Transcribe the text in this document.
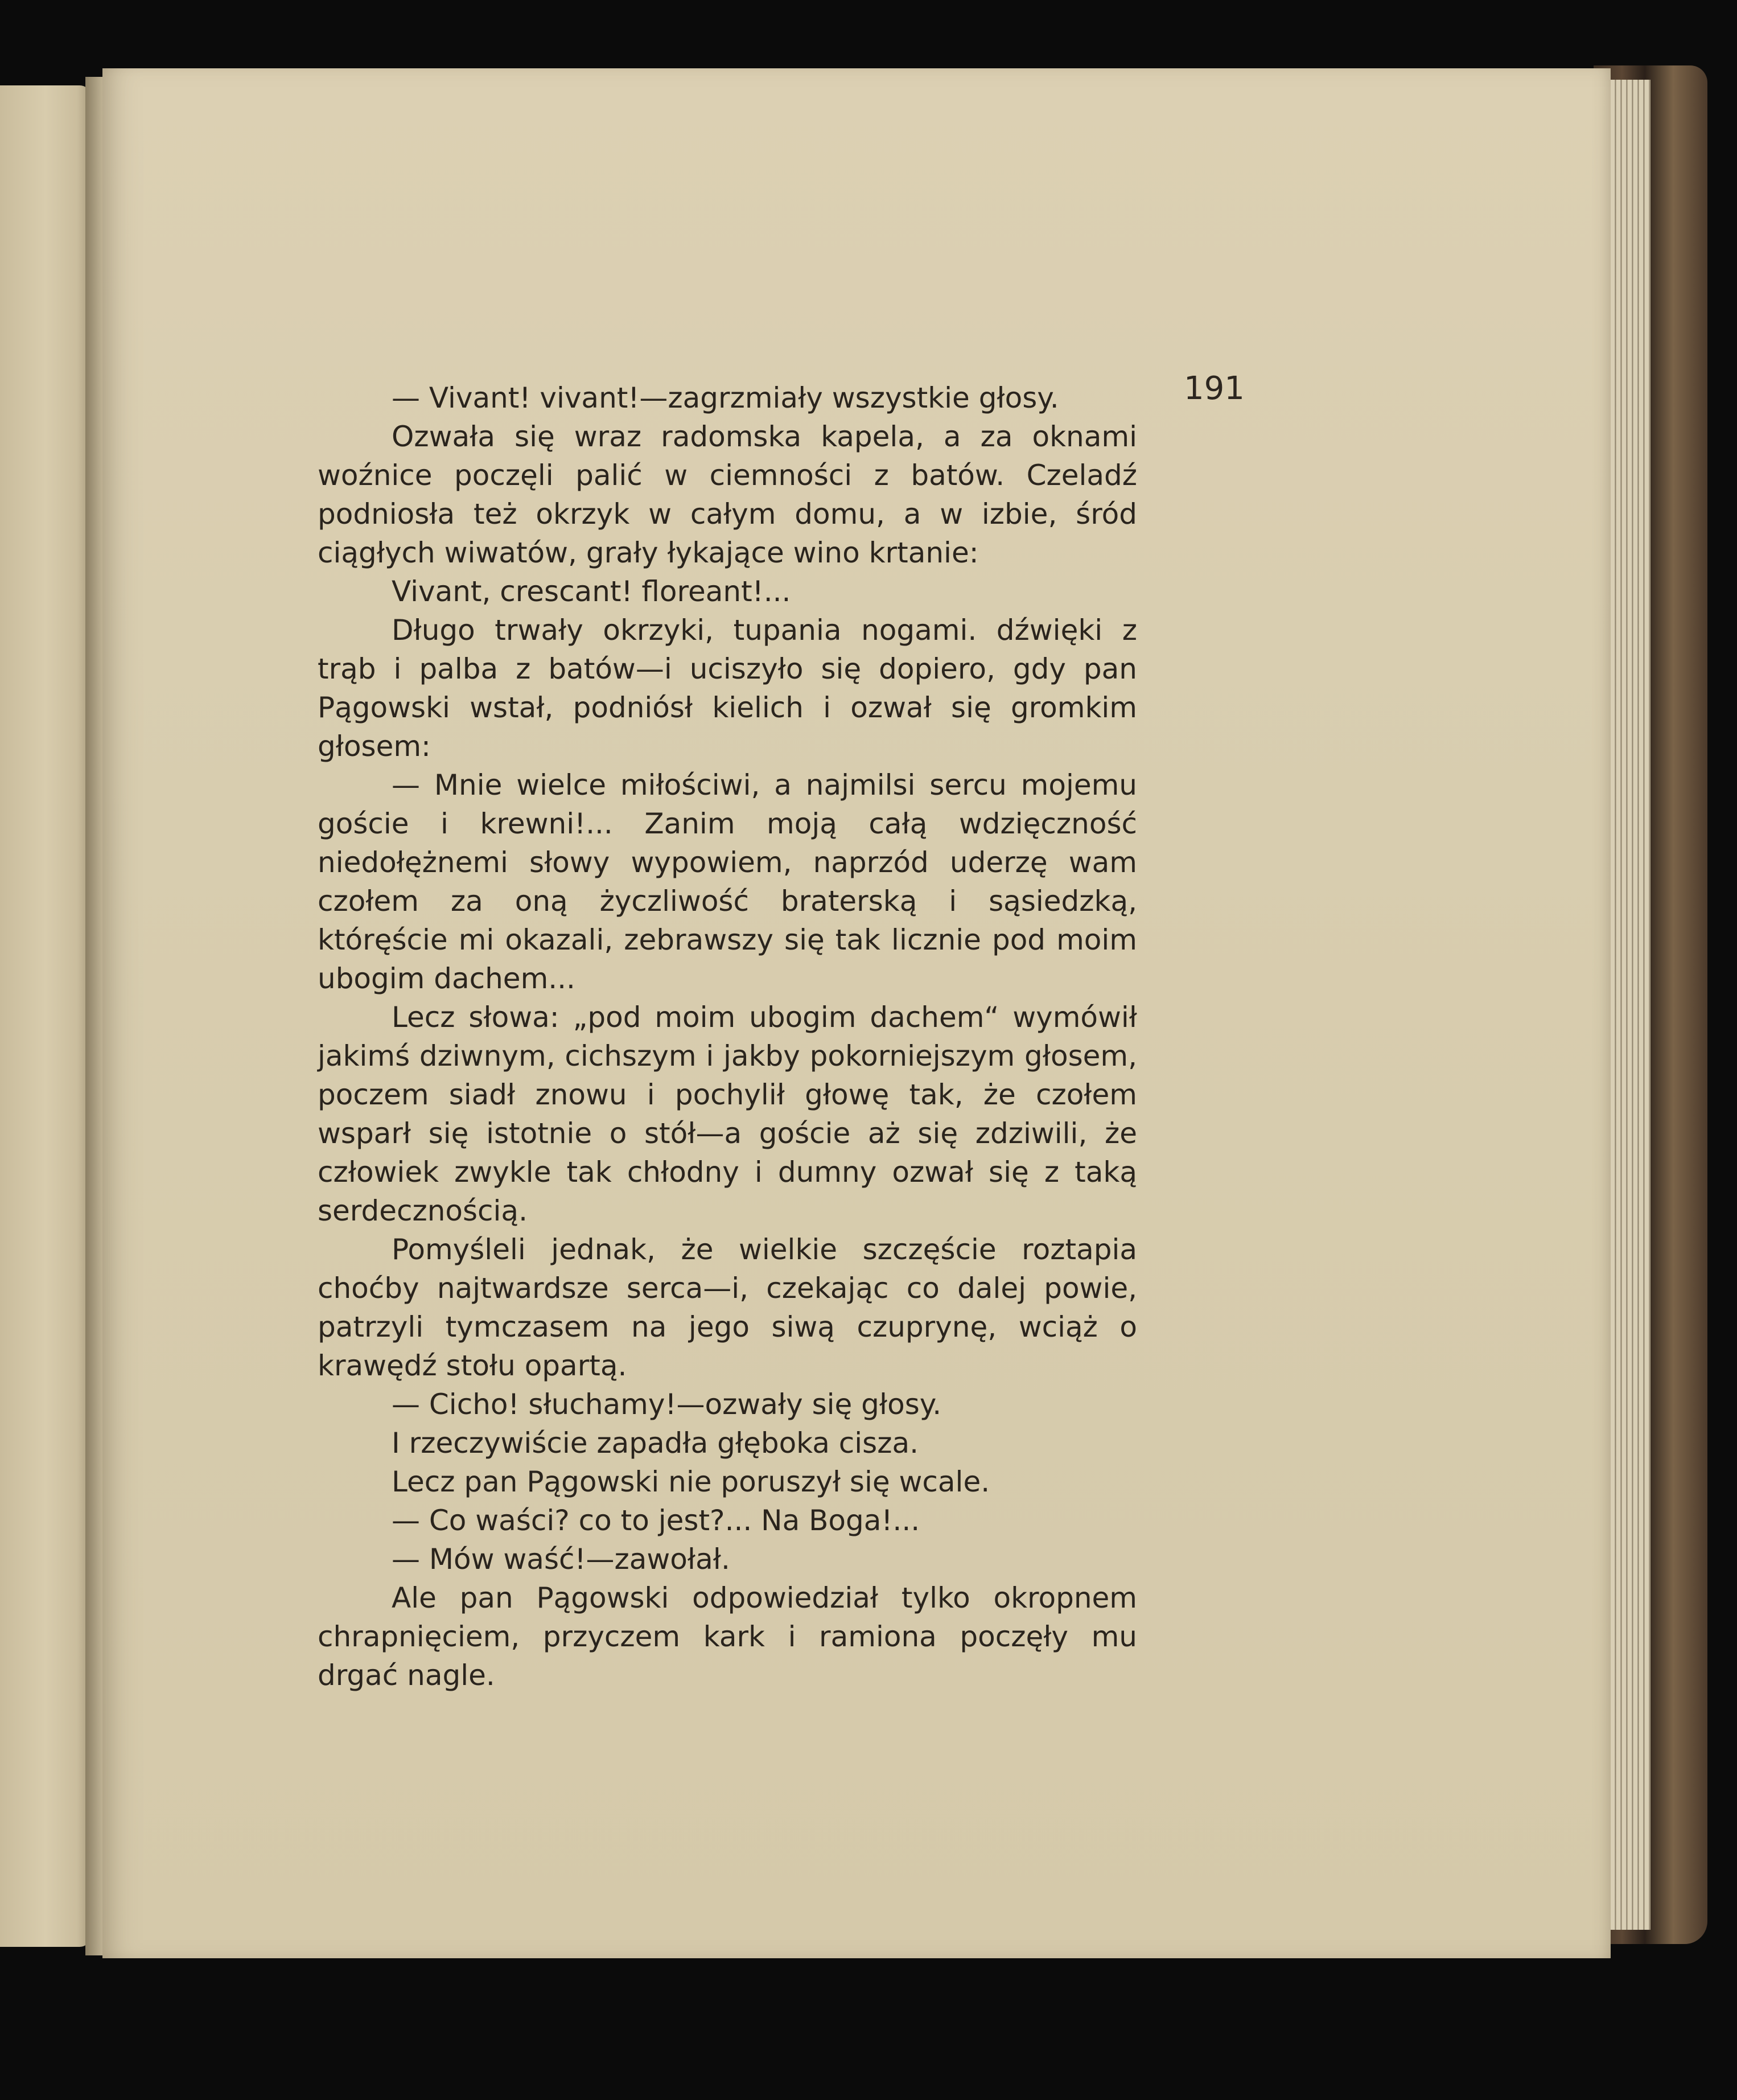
191

— Vivant! vivant!—zagrzmiały wszystkie głosy.

Ozwała się wraz radomska kapela, a za oknami woźnice poczęli palić w ciemności z batów. Czeladź podniosła też okrzyk w całym domu, a w izbie, śród ciągłych wiwatów, grały łykające wino krtanie:

Vivant, crescant! floreant!...

Długo trwały okrzyki, tupania nogami. dźwięki z trąb i palba z batów—i uciszyło się dopiero, gdy pan Pągowski wstał, podniósł kielich i ozwał się gromkim głosem:

— Mnie wielce miłościwi, a najmilsi sercu mojemu goście i krewni!... Zanim moją całą wdzięczność niedołężnemi słowy wypowiem, naprzód uderzę wam czołem za oną życzliwość braterską i sąsiedzką, któręście mi okazali, zebrawszy się tak licznie pod moim ubogim dachem...

Lecz słowa: „pod moim ubogim dachem“ wymówił jakimś dziwnym, cichszym i jakby pokorniejszym głosem, poczem siadł znowu i pochylił głowę tak, że czołem wsparł się istotnie o stół—a goście aż się zdziwili, że człowiek zwykle tak chłodny i dumny ozwał się z taką serdecznością.

Pomyśleli jednak, że wielkie szczęście roztapia choćby najtwardsze serca—i, czekając co dalej powie, patrzyli tymczasem na jego siwą czuprynę, wciąż o krawędź stołu opartą.

— Cicho! słuchamy!—ozwały się głosy.

I rzeczywiście zapadła głęboka cisza.

Lecz pan Pągowski nie poruszył się wcale.

— Co waści? co to jest?... Na Boga!...

— Mów waść!—zawołał.

Ale pan Pągowski odpowiedział tylko okropnem chrapnięciem, przyczem kark i ramiona poczęły mu drgać nagle.
